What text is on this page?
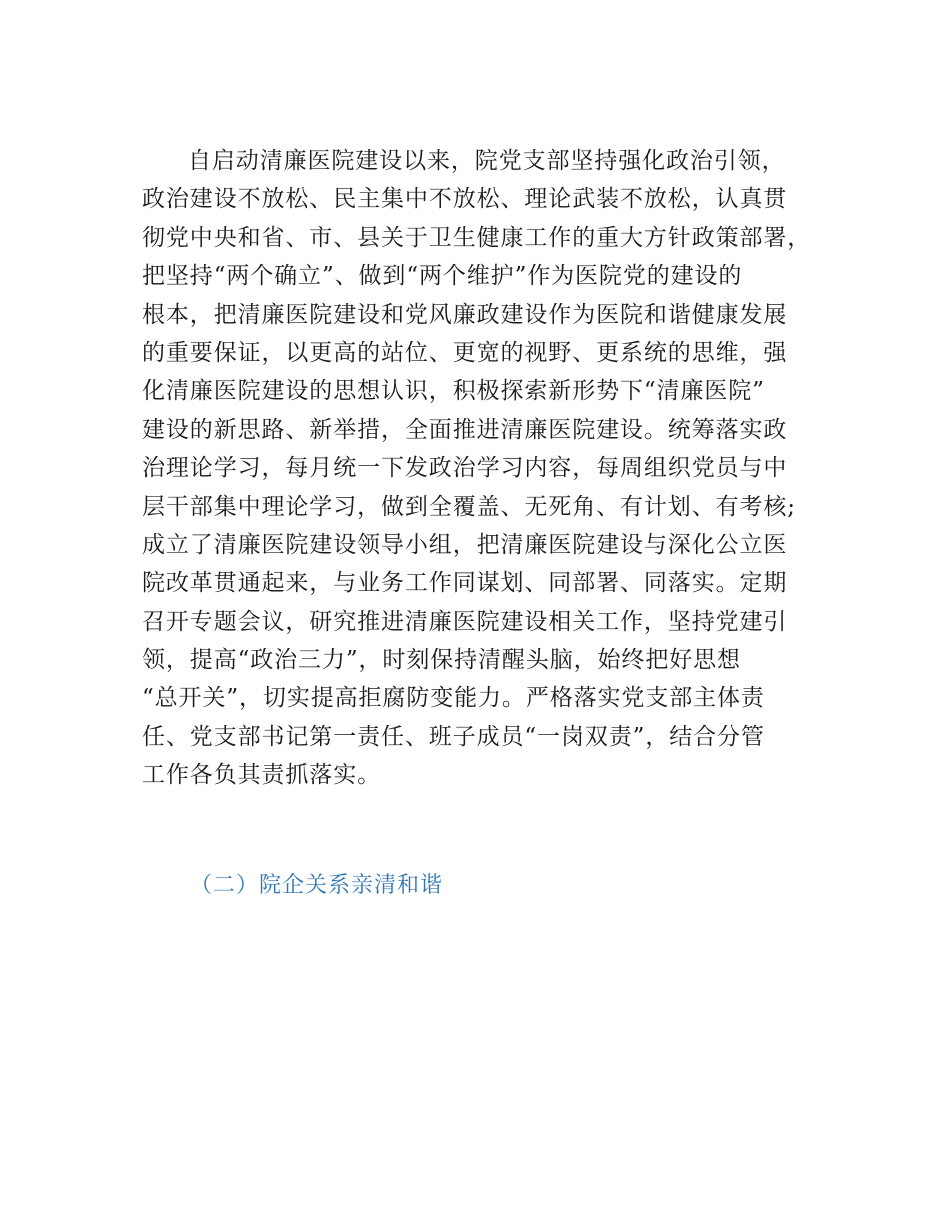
自启动清廉医院建设以来，院党支部坚持强化政治引领，
政治建设不放松、民主集中不放松、理论武装不放松，认真贯
彻党中央和省、市、县关于卫生健康工作的重大方针政策部署，
把坚持“两个确立”、做到“两个维护”作为医院党的建设的
根本，把清廉医院建设和党风廉政建设作为医院和谐健康发展
的重要保证，以更高的站位、更宽的视野、更系统的思维，强
化清廉医院建设的思想认识，积极探索新形势下“清廉医院”
建设的新思路、新举措，全面推进清廉医院建设。统筹落实政
治理论学习，每月统一下发政治学习内容，每周组织党员与中
层干部集中理论学习，做到全覆盖、无死角、有计划、有考核;
成立了清廉医院建设领导小组，把清廉医院建设与深化公立医
院改革贯通起来，与业务工作同谋划、同部署、同落实。定期
召开专题会议，研究推进清廉医院建设相关工作，坚持党建引
领，提高“政治三力”，时刻保持清醒头脑，始终把好思想
“总开关”，切实提高拒腐防变能力。严格落实党支部主体责
任、党支部书记第一责任、班子成员“一岗双责”，结合分管
工作各负其责抓落实。
（二）院企关系亲清和谐
